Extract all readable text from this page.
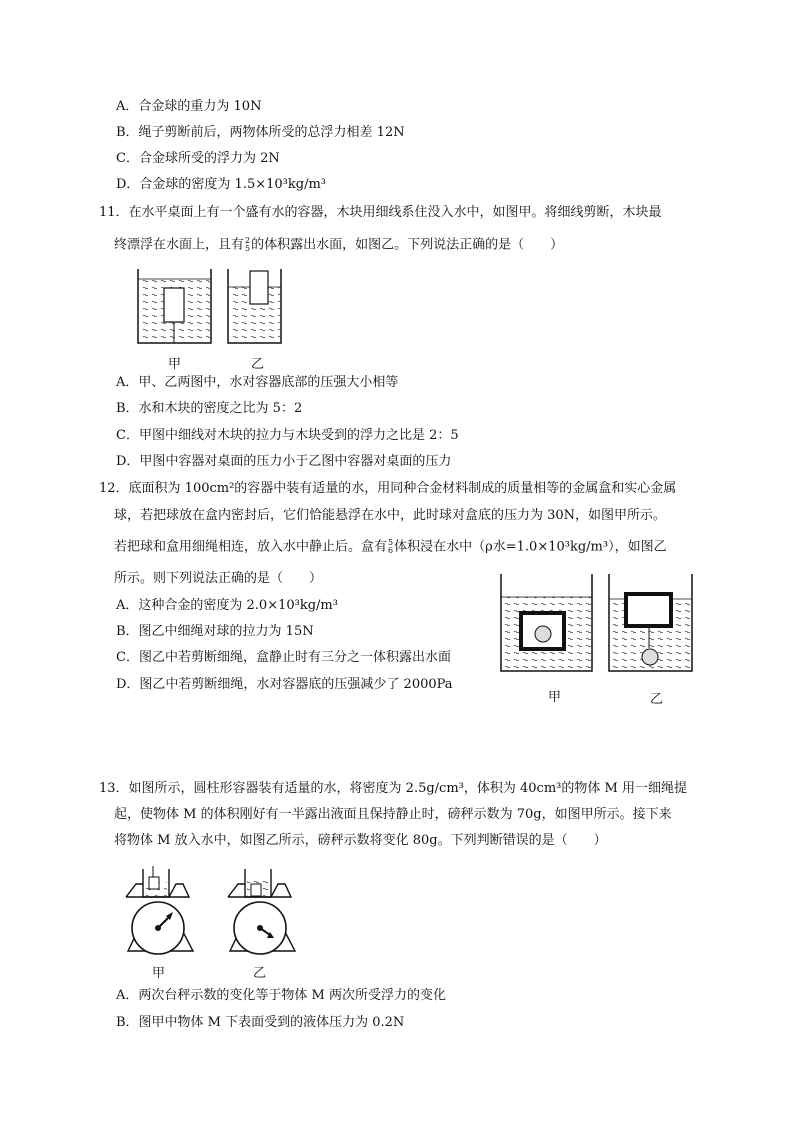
A．合金球的重力为 10N
B．绳子剪断前后，两物体所受的总浮力相差 12N
C．合金球所受的浮力为 2N
D．合金球的密度为 1.5×10³kg/m³
11．在水平桌面上有一个盛有水的容器，木块用细线系住没入水中，如图甲。将细线剪断，木块最
终漂浮在水面上，且有 2
5 的体积露出水面，如图乙。下列说法正确的是（　　）
甲	乙
A．甲、乙两图中，水对容器底部的压强大小相等
B．水和木块的密度之比为 5：2
C．甲图中细线对木块的拉力与木块受到的浮力之比是 2：5
D．甲图中容器对桌面的压力小于乙图中容器对桌面的压力
12．底面积为 100cm²的容器中装有适量的水，用同种合金材料制成的质量相等的金属盒和实心金属
球，若把球放在盒内密封后，它们恰能悬浮在水中，此时球对盒底的压力为 30N，如图甲所示。
若把球和盒用细绳相连，放入水中静止后。盒有 5
6 体积浸在水中（ρ水=1.0×10³kg/m³），如图乙
所示。则下列说法正确的是（　　）
A．这种合金的密度为 2.0×10³kg/m³
B．图乙中细绳对球的拉力为 15N
C．图乙中若剪断细绳，盒静止时有三分之一体积露出水面
D．图乙中若剪断细绳，水对容器底的压强减少了 2000Pa
甲	乙
13．如图所示，圆柱形容器装有适量的水，将密度为 2.5g/cm³，体积为 40cm³的物体 M 用一细绳提
起，使物体 M 的体积刚好有一半露出液面且保持静止时，磅秤示数为 70g，如图甲所示。接下来
将物体 M 放入水中，如图乙所示，磅秤示数将变化 80g。下列判断错误的是（　　）
甲	乙
A．两次台秤示数的变化等于物体 M 两次所受浮力的变化
B．图甲中物体 M 下表面受到的液体压力为 0.2N
